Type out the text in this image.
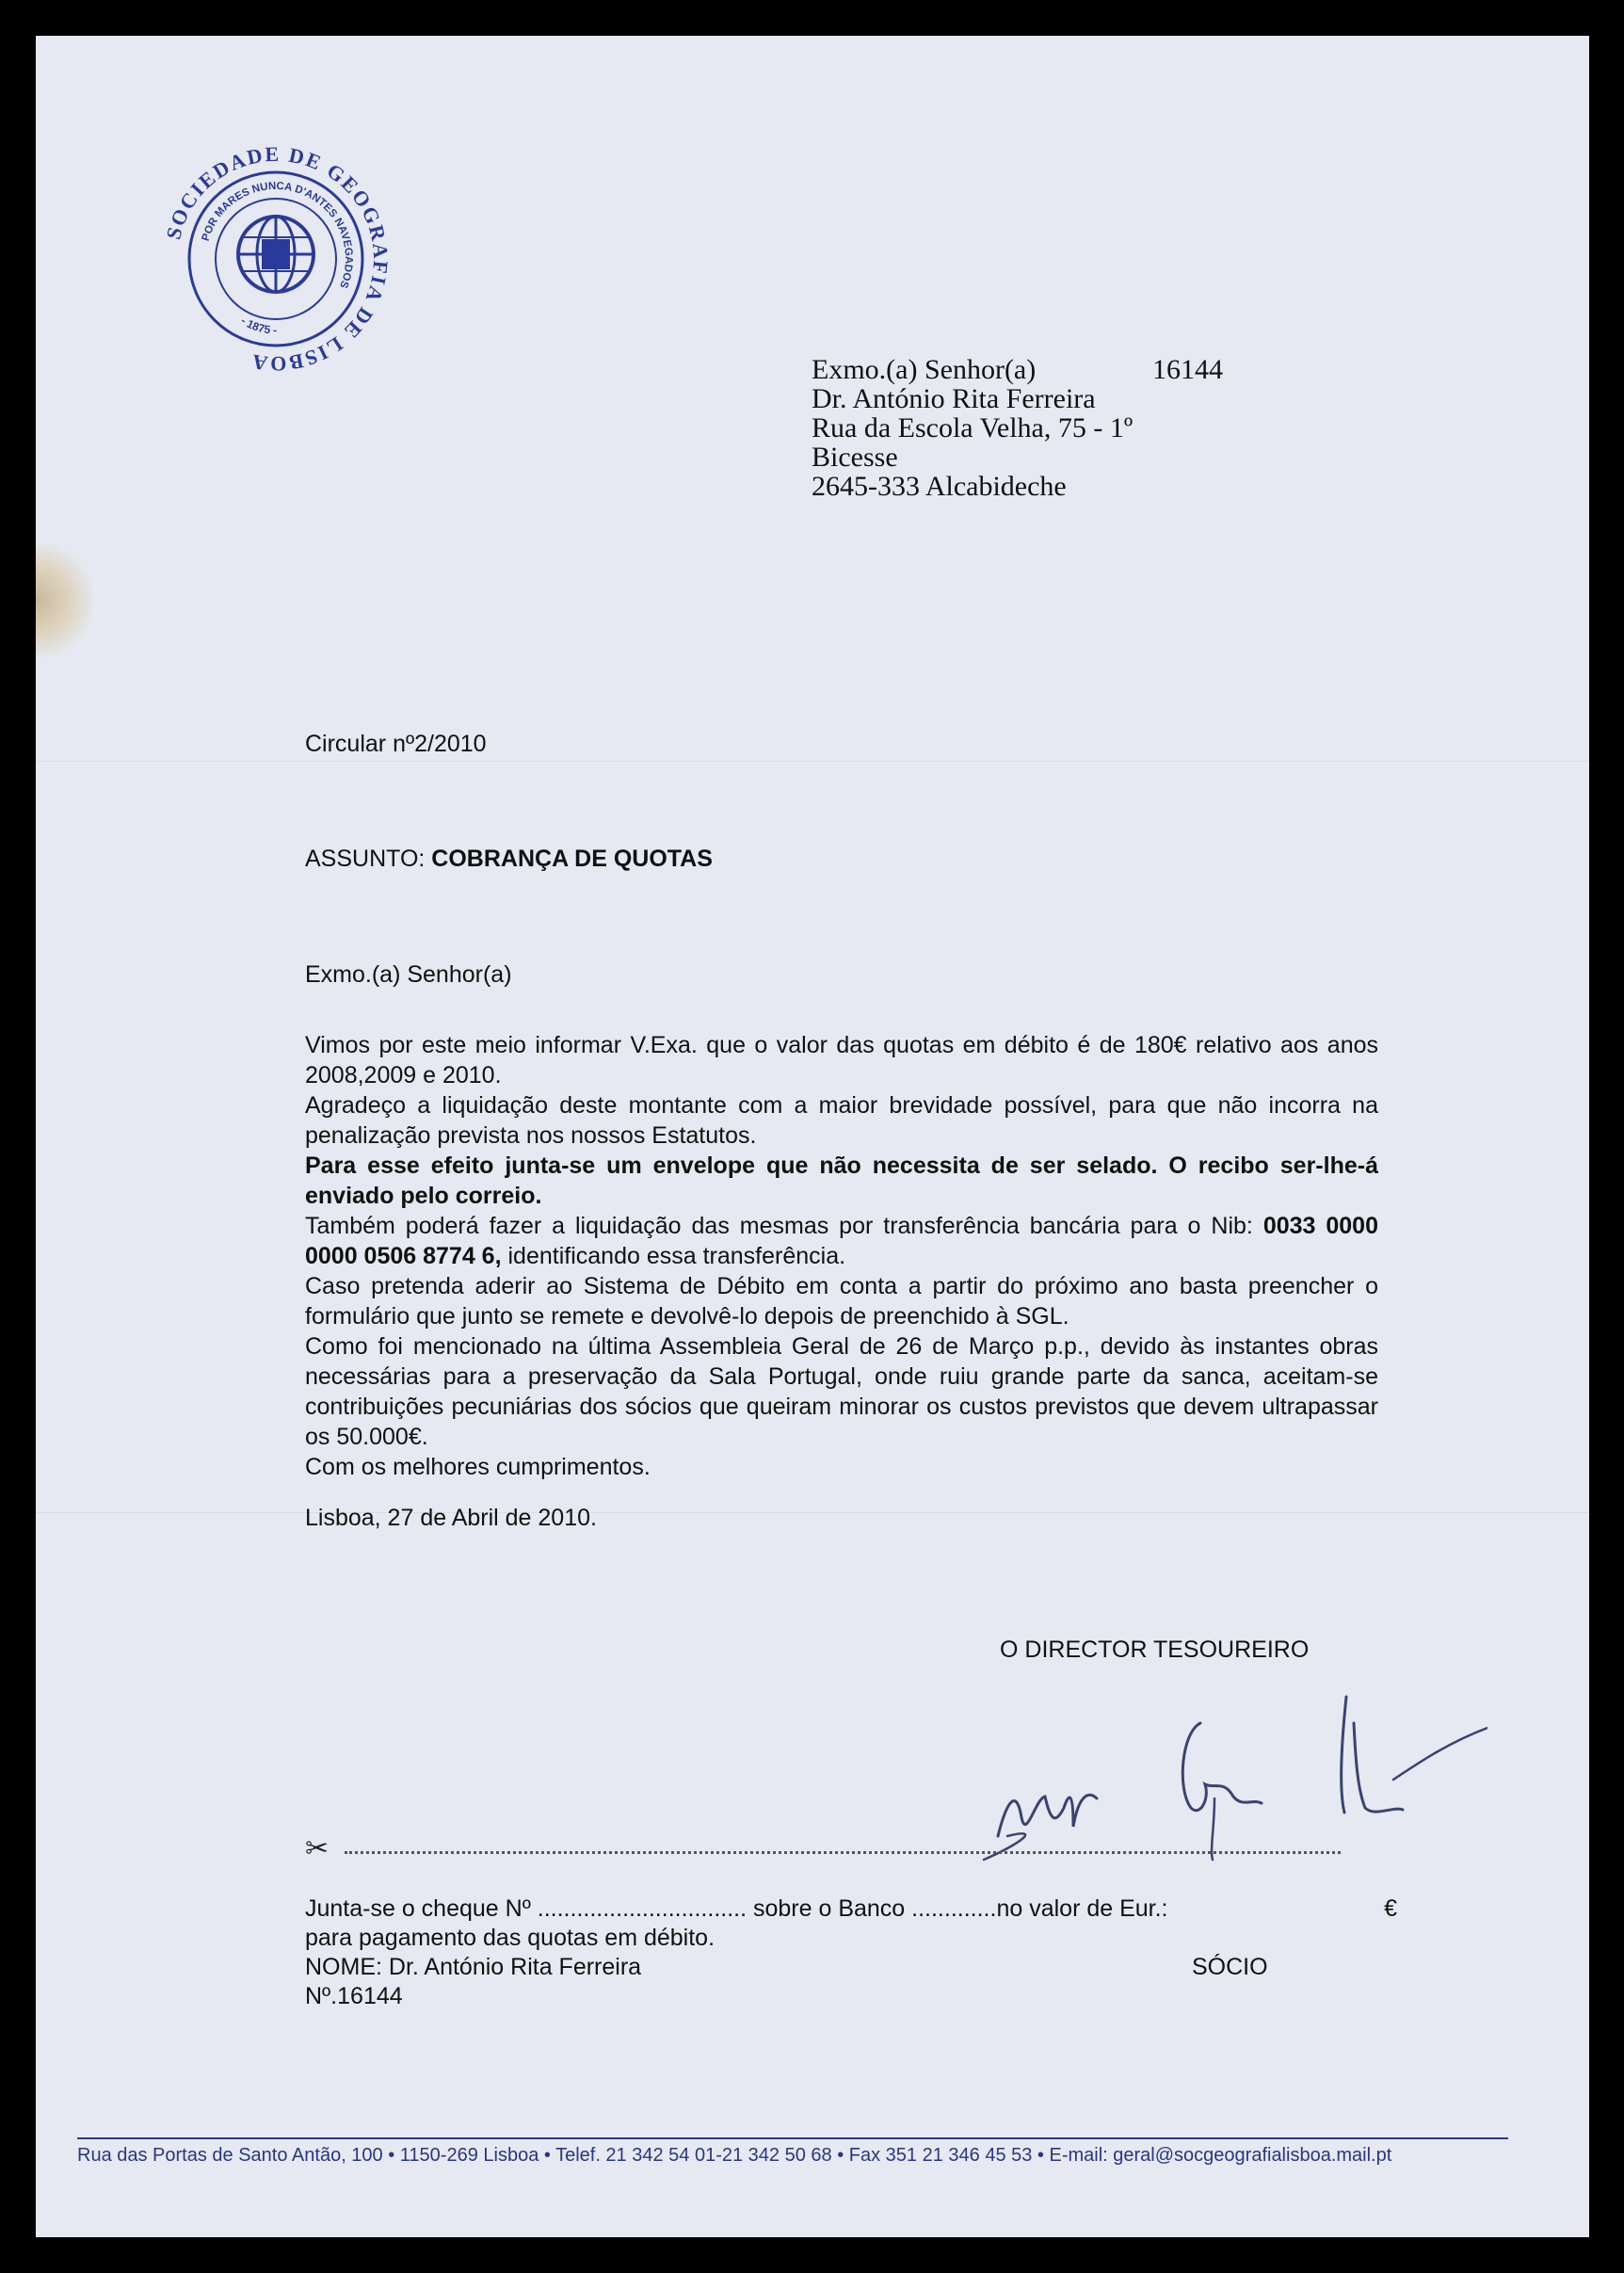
SOCIEDADE DE GEOGRAFIA DE LISBOA
POR MARES NUNCA D'ANTES NAVEGADOS
- 1875 -
Exmo.(a) Senhor(a)	16144
Dr. António Rita Ferreira
Rua da Escola Velha, 75 - 1º
Bicesse
2645-333 Alcabideche
Circular nº2/2010
ASSUNTO: COBRANÇA DE QUOTAS
Exmo.(a) Senhor(a)

Vimos por este meio informar V.Exa. que o valor das quotas em débito é de 180€ relativo aos anos 2008,2009 e 2010.

Agradeço a liquidação deste montante com a maior brevidade possível, para que não incorra na penalização prevista nos nossos Estatutos.

Para esse efeito junta-se um envelope que não necessita de ser selado. O recibo ser-lhe-á enviado pelo correio.

Também poderá fazer a liquidação das mesmas por transferência bancária para o Nib: 0033 0000 0000 0506 8774 6, identificando essa transferência.

Caso pretenda aderir ao Sistema de Débito em conta a partir do próximo ano basta preencher o formulário que junto se remete e devolvê-lo depois de preenchido à SGL.

Como foi mencionado na última Assembleia Geral de 26 de Março p.p., devido às instantes obras necessárias para a preservação da Sala Portugal, onde ruiu grande parte da sanca, aceitam-se contribuições pecuniárias dos sócios que queiram minorar os custos previstos que devem ultrapassar os 50.000€.

Com os melhores cumprimentos.

Lisboa, 27 de Abril de 2010.
O DIRECTOR TESOUREIRO
✂
Junta-se o cheque Nº ................................ sobre o Banco .............no valor de Eur.:	€
para pagamento das quotas em débito.
NOME: Dr. António Rita Ferreira	SÓCIO
Nº.16144
Rua das Portas de Santo Antão, 100 • 1150-269 Lisboa • Telef. 21 342 54 01-21 342 50 68 • Fax 351 21 346 45 53 • E-mail: geral@socgeografialisboa.mail.pt
